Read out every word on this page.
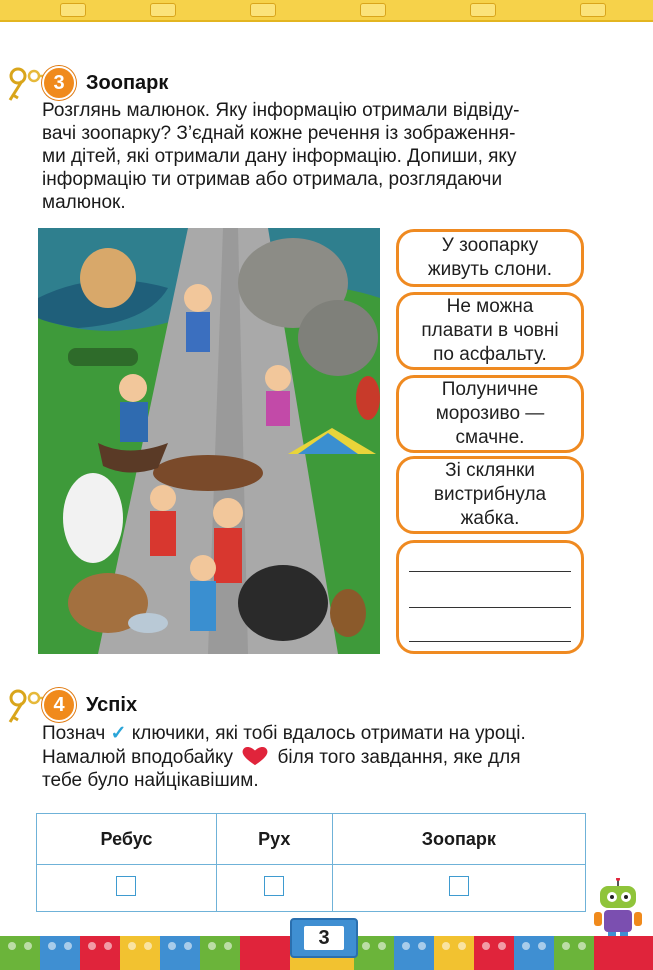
3	Зоопарк
Розглянь малюнок. Яку інформацію отримали відвіду-
вачі зоопарку? З’єднай кожне речення із зображення-
ми дітей, які отримали дану інформацію. Допиши, яку
інформацію ти отримав або отримала, розглядаючи
малюнок.
У зоопарку
живуть слони.
Не можна
плавати в човні
по асфальту.
Полуничне
морозиво —
смачне.
Зі склянки
вистрибнула
жабка.
4	Успіх
Познач ✓ ключики, які тобі вдалось отримати на уроці.
Намалюй вподобайку біля того завдання, яке для
тебе було найцікавішим.
Ребус	Рух	Зоопарк

3
